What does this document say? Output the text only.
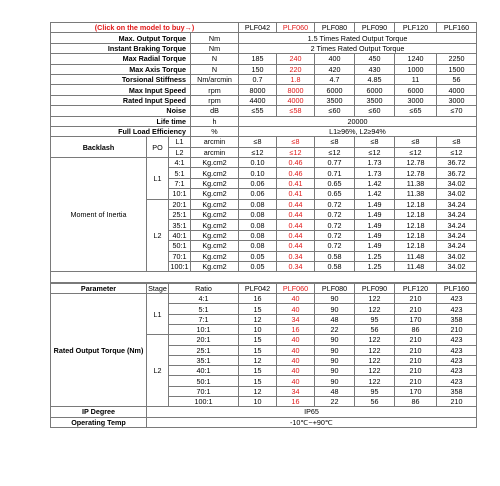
(Click on the model to buy→)				PLF042	PLF060	PLF080	PLF090	PLF120	PLF160
Max. Output Torque			Nm	1.5 Times Rated Output Torque					
Instant Braking Torque			Nm	2 Times Rated Output Torque					
Max Radial Torque			N	185	240	400	450	1240	2250
Max Axis Torque			N	150	220	420	430	1000	1500
Torsional Stiffness			Nm/arcmin	0.7	1.8	4.7	4.85	11	56
Max Input Speed			rpm	8000	8000	6000	6000	6000	4000
Rated Input Speed			rpm	4400	4000	3500	3500	3000	3000
Noise			dB	≤55	≤58	≤60	≤60	≤65	≤70
Life time			h	20000					
Full Load Efficiency			%	L1≥96%, L2≥94%					
Backlash	PO	L1	arcmin	≤8	≤8	≤8	≤8	≤8	≤8
		L2	arcmin	≤12	≤12	≤12	≤12	≤12	≤12
Moment of Inertia	L1	4:1	Kg.cm2	0.10	0.46	0.77	1.73	12.78	36.72
		5:1	Kg.cm2	0.10	0.46	0.71	1.73	12.78	36.72
		7:1	Kg.cm2	0.06	0.41	0.65	1.42	11.38	34.02
		10:1	Kg.cm2	0.06	0.41	0.65	1.42	11.38	34.02
	L2	20:1	Kg.cm2	0.08	0.44	0.72	1.49	12.18	34.24
		25:1	Kg.cm2	0.08	0.44	0.72	1.49	12.18	34.24
		35:1	Kg.cm2	0.08	0.44	0.72	1.49	12.18	34.24
		40:1	Kg.cm2	0.08	0.44	0.72	1.49	12.18	34.24
		50:1	Kg.cm2	0.08	0.44	0.72	1.49	12.18	34.24
		70:1	Kg.cm2	0.05	0.34	0.58	1.25	11.48	34.02
		100:1	Kg.cm2	0.05	0.34	0.58	1.25	11.48	34.02

Parameter	Stage	Ratio	PLF042	PLF060	PLF080	PLF090	PLF120	PLF160
Rated Output Torque (Nm)	L1	4:1	16	40	90	122	210	423
		5:1	15	40	90	122	210	423
		7:1	12	34	48	95	170	358
		10:1	10	16	22	56	86	210
	L2	20:1	15	40	90	122	210	423
		25:1	15	40	90	122	210	423
		35:1	12	40	90	122	210	423
		40:1	15	40	90	122	210	423
		50:1	15	40	90	122	210	423
		70:1	12	34	48	95	170	358
		100:1	10	16	22	56	86	210
IP Degree	IP65							
Operating Temp	-10℃~+90℃							
